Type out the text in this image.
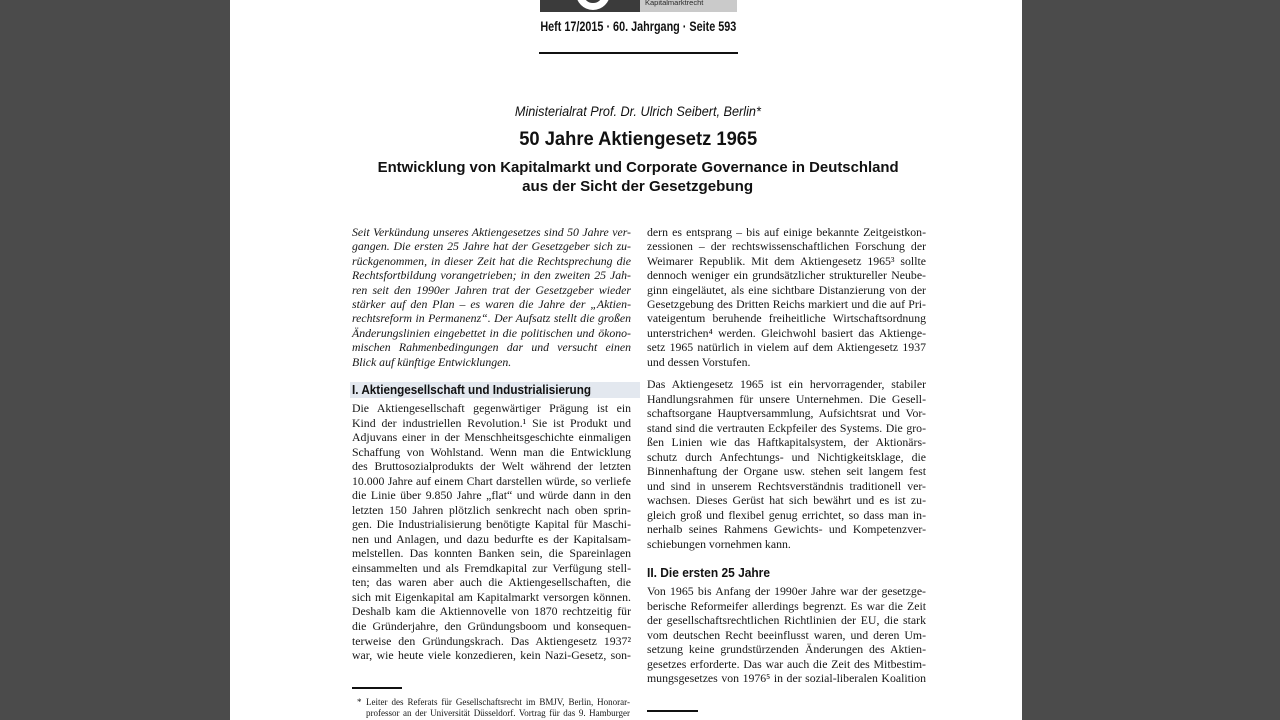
Kapitalmarktrecht
Heft 17/2015 · 60. Jahrgang · Seite 593
Ministerialrat Prof. Dr. Ulrich Seibert, Berlin*
50 Jahre Aktiengesetz 1965
Entwicklung von Kapitalmarkt und Corporate Governance in Deutschland
aus der Sicht der Gesetzgebung
Seit Verkündung unseres Aktiengesetzes sind 50 Jahre ver-
gangen. Die ersten 25 Jahre hat der Gesetzgeber sich zu-
rückgenommen, in dieser Zeit hat die Rechtsprechung die
Rechtsfortbildung vorangetrieben; in den zweiten 25 Jah-
ren seit den 1990er Jahren trat der Gesetzgeber wieder
stärker auf den Plan – es waren die Jahre der „Aktien-
rechtsreform in Permanenz“. Der Aufsatz stellt die großen
Änderungslinien eingebettet in die politischen und ökono-
mischen Rahmenbedingungen dar und versucht einen
Blick auf künftige Entwicklungen.
I. Aktiengesellschaft und Industrialisierung
Die Aktiengesellschaft gegenwärtiger Prägung ist ein
Kind der industriellen Revolution.¹ Sie ist Produkt und
Adjuvans einer in der Menschheitsgeschichte einmaligen
Schaffung von Wohlstand. Wenn man die Entwicklung
des Bruttosozialprodukts der Welt während der letzten
10.000 Jahre auf einem Chart darstellen würde, so verliefe
die Linie über 9.850 Jahre „flat“ und würde dann in den
letzten 150 Jahren plötzlich senkrecht nach oben sprin-
gen. Die Industrialisierung benötigte Kapital für Maschi-
nen und Anlagen, und dazu bedurfte es der Kapitalsam-
melstellen. Das konnten Banken sein, die Spareinlagen
einsammelten und als Fremdkapital zur Verfügung stell-
ten; das waren aber auch die Aktiengesellschaften, die
sich mit Eigenkapital am Kapitalmarkt versorgen können.
Deshalb kam die Aktiennovelle von 1870 rechtzeitig für
die Gründerjahre, den Gründungsboom und konsequen-
terweise den Gründungskrach. Das Aktiengesetz 1937²
war, wie heute viele konzedieren, kein Nazi-Gesetz, son-
* Leiter des Referats für Gesellschaftsrecht im BMJV, Berlin, Honorar-
professor an der Universität Düsseldorf. Vortrag für das 9. Hamburger
dern es entsprang – bis auf einige bekannte Zeitgeistkon-
zessionen – der rechtswissenschaftlichen Forschung der
Weimarer Republik. Mit dem Aktiengesetz 1965³ sollte
dennoch weniger ein grundsätzlicher struktureller Neube-
ginn eingeläutet, als eine sichtbare Distanzierung von der
Gesetzgebung des Dritten Reichs markiert und die auf Pri-
vateigentum beruhende freiheitliche Wirtschaftsordnung
unterstrichen⁴ werden. Gleichwohl basiert das Aktienge-
setz 1965 natürlich in vielem auf dem Aktiengesetz 1937
und dessen Vorstufen.
Das Aktiengesetz 1965 ist ein hervorragender, stabiler
Handlungsrahmen für unsere Unternehmen. Die Gesell-
schaftsorgane Hauptversammlung, Aufsichtsrat und Vor-
stand sind die vertrauten Eckpfeiler des Systems. Die gro-
ßen Linien wie das Haftkapitalsystem, der Aktionärs-
schutz durch Anfechtungs- und Nichtigkeitsklage, die
Binnenhaftung der Organe usw. stehen seit langem fest
und sind in unserem Rechtsverständnis traditionell ver-
wachsen. Dieses Gerüst hat sich bewährt und es ist zu-
gleich groß und flexibel genug errichtet, so dass man in-
nerhalb seines Rahmens Gewichts- und Kompetenzver-
schiebungen vornehmen kann.
II. Die ersten 25 Jahre
Von 1965 bis Anfang der 1990er Jahre war der gesetzge-
berische Reformeifer allerdings begrenzt. Es war die Zeit
der gesellschaftsrechtlichen Richtlinien der EU, die stark
vom deutschen Recht beeinflusst waren, und deren Um-
setzung keine grundstürzenden Änderungen des Aktien-
gesetzes erforderte. Das war auch die Zeit des Mitbestim-
mungsgesetzes von 1976⁵ in der sozial-liberalen Koalition
